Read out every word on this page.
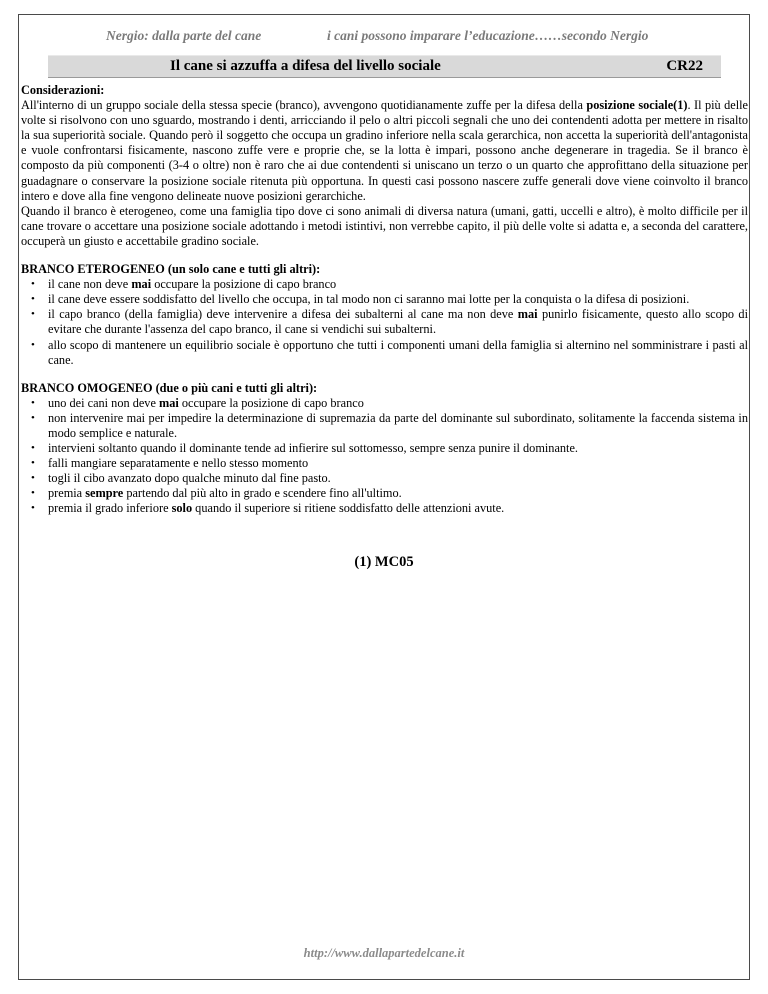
Nergio: dalla parte del cane	i cani possono imparare l’educazione……secondo Nergio
Il cane si azzuffa a difesa del livello sociale	CR22

Considerazioni:

All'interno di un gruppo sociale della stessa specie (branco), avvengono quotidianamente zuffe per la difesa della posizione sociale(1). Il più delle volte si risolvono con uno sguardo, mostrando i denti, arricciando il pelo o altri piccoli segnali che uno dei contendenti adotta per mettere in risalto la sua superiorità sociale. Quando però il soggetto che occupa un gradino inferiore nella scala gerarchica, non accetta la superiorità dell'antagonista e vuole confrontarsi fisicamente, nascono zuffe vere e proprie che, se la lotta è impari, possono anche degenerare in tragedia. Se il branco è composto da più componenti (3-4 o oltre) non è raro che ai due contendenti si uniscano un terzo o un quarto che approfittano della situazione per guadagnare o conservare la posizione sociale ritenuta più opportuna. In questi casi possono nascere zuffe generali dove viene coinvolto il branco intero e dove alla fine vengono delineate nuove posizioni gerarchiche.

Quando il branco è eterogeneo, come una famiglia tipo dove ci sono animali di diversa natura (umani, gatti, uccelli e altro), è molto difficile per il cane trovare o accettare una posizione sociale adottando i metodi istintivi, non verrebbe capito, il più delle volte si adatta e, a seconda del carattere, occuperà un giusto e accettabile gradino sociale.

BRANCO ETEROGENEO (un solo cane e tutti gli altri):

• il cane non deve mai occupare la posizione di capo branco
• il cane deve essere soddisfatto del livello che occupa, in tal modo non ci saranno mai lotte per la conquista o la difesa di posizioni.
• il capo branco (della famiglia) deve intervenire a difesa dei subalterni al cane ma non deve mai punirlo fisicamente, questo allo scopo di evitare che durante l'assenza del capo branco, il cane si vendichi sui subalterni.
• allo scopo di mantenere un equilibrio sociale è opportuno che tutti i componenti umani della famiglia si alternino nel somministrare i pasti al cane.

BRANCO OMOGENEO (due o più cani e tutti gli altri):

• uno dei cani non deve mai occupare la posizione di capo branco
• non intervenire mai per impedire la determinazione di supremazia da parte del dominante sul subordinato, solitamente la faccenda sistema in modo semplice e naturale.
• intervieni soltanto quando il dominante tende ad infierire sul sottomesso, sempre senza punire il dominante.
• falli mangiare separatamente e nello stesso momento
• togli il cibo avanzato dopo qualche minuto dal fine pasto.
• premia sempre partendo dal più alto in grado e scendere fino all'ultimo.
• premia il grado inferiore solo quando il superiore si ritiene soddisfatto delle attenzioni avute.
(1) MC05
http://www.dallapartedelcane.it
